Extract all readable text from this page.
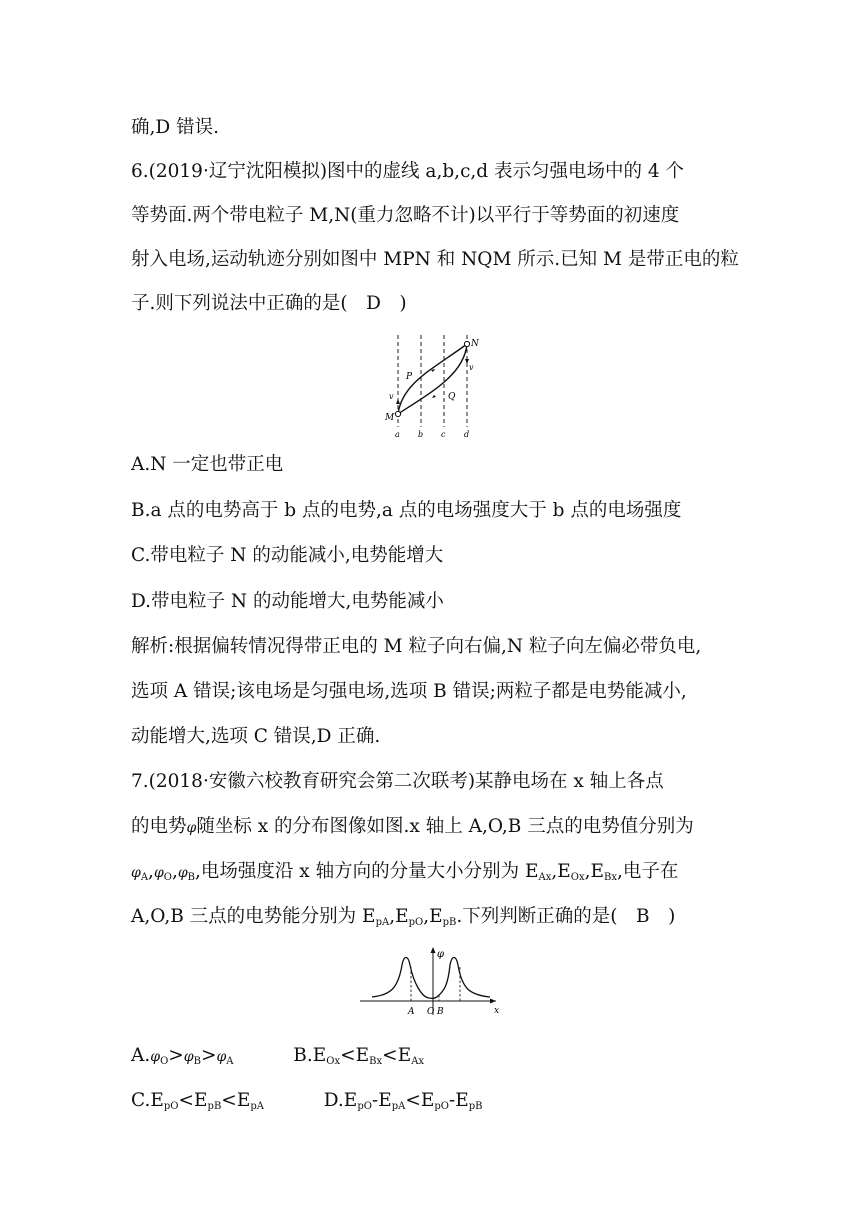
确,D 错误.
6.(2019·辽宁沈阳模拟)图中的虚线 a,b,c,d 表示匀强电场中的 4 个
等势面.两个带电粒子 M,N(重力忽略不计)以平行于等势面的初速度
射入电场,运动轨迹分别如图中 MPN 和 NQM 所示.已知 M 是带正电的粒
子.则下列说法中正确的是(　D　)
M
N
P
Q
v
v
a b c d
A.N 一定也带正电
B.a 点的电势高于 b 点的电势,a 点的电场强度大于 b 点的电场强度
C.带电粒子 N 的动能减小,电势能增大
D.带电粒子 N 的动能增大,电势能减小
解析:根据偏转情况得带正电的 M 粒子向右偏,N 粒子向左偏必带负电,
选项 A 错误;该电场是匀强电场,选项 B 错误;两粒子都是电势能减小,
动能增大,选项 C 错误,D 正确.
7.(2018·安徽六校教育研究会第二次联考)某静电场在 x 轴上各点
的电势φ随坐标 x 的分布图像如图.x 轴上 A,O,B 三点的电势值分别为
$\varphi_A,\varphi_O,\varphi_B$,电场强度沿 x 轴方向的分量大小分别为 $E_{Ax},E_{Ox},E_{Bx}$,电子在
A,O,B 三点的电势能分别为 $E_{pA},E_{pO},E_{pB}$.下列判断正确的是(　B　)
φ
x
A O B
$A.\varphi_O>\varphi_B>\varphi_A$	$B.E_{Ox}<E_{Bx}<E_{Ax}$
$C.E_{pO}<E_{pB}<E_{pA}$	$D.E_{pO}-E_{pA}<E_{pO}-E_{pB}$
